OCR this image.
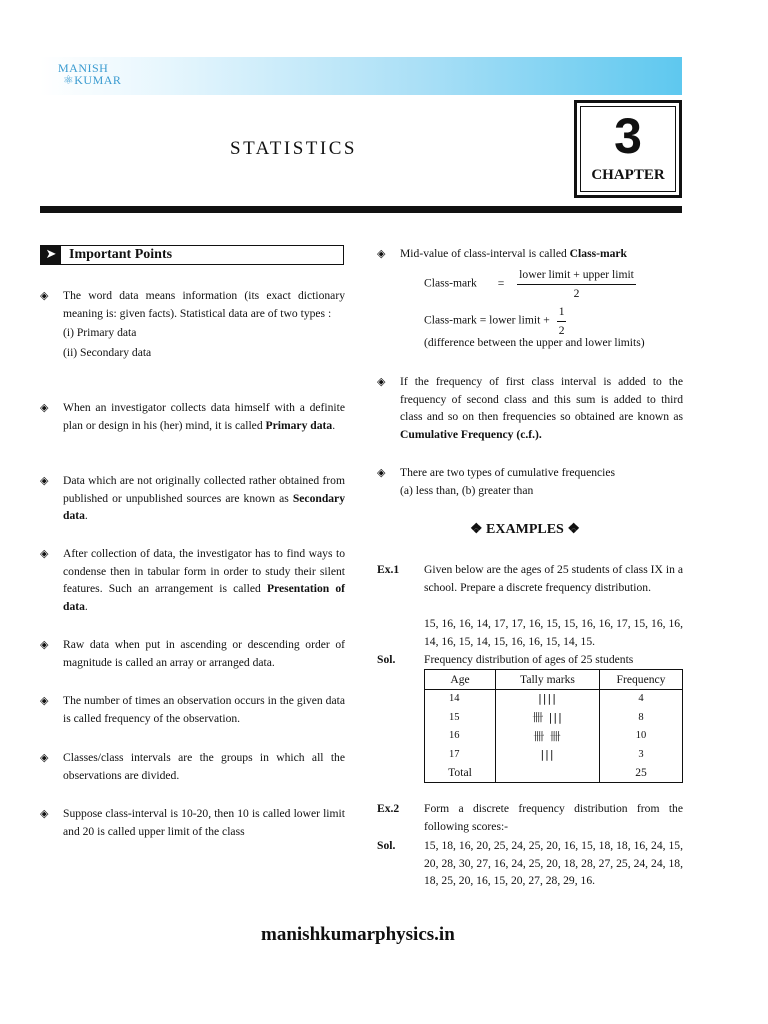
MANISH
⚛KUMAR
STATISTICS	3
CHAPTER
➤ Important Points
◈ The word data means information (its exact dictionary meaning is: given facts). Statistical data are of two types :
(i) Primary data
(ii) Secondary data
◈ When an investigator collects data himself with a definite plan or design in his (her) mind, it is called Primary data.
◈ Data which are not originally collected rather obtained from published or unpublished sources are known as Secondary data.
◈ After collection of data, the investigator has to find ways to condense then in tabular form in order to study their silent features. Such an arrangement is called Presentation of data.
◈ Raw data when put in ascending or descending order of magnitude is called an array or arranged data.
◈ The number of times an observation occurs in the given data is called frequency of the observation.
◈ Classes/class intervals are the groups in which all the observations are divided.
◈ Suppose class-interval is 10-20, then 10 is called lower limit and 20 is called upper limit of the class
◈ Mid-value of class-interval is called Class-mark
Class-mark =
lower limit + upper limit
2
Class-mark = lower limit + $\frac{1}{2}$
(difference between the upper and lower limits)
◈ If the frequency of first class interval is added to the frequency of second class and this sum is added to third class and so on then frequencies so obtained are known as Cumulative Frequency (c.f.).
◈ There are two types of cumulative frequencies
(a) less than, (b) greater than
❖ EXAMPLES ❖
Ex.1 Given below are the ages of 25 students of class IX in a school. Prepare a discrete frequency distribution.
15, 16, 16, 14, 17, 17, 16, 15, 15, 16, 16, 17, 15, 16, 16, 14, 16, 15, 14, 15, 16, 16, 15, 14, 15.
Sol. Frequency distribution of ages of 25 students
Age	Tally marks	Frequency
14	||||	4
15	卌 |||	8
16	卌 卌	10
17	|||	3
Total		25
Ex.2 Form a discrete frequency distribution from the following scores:-
Sol. 15, 18, 16, 20, 25, 24, 25, 20, 16, 15, 18, 18, 16, 24, 15, 20, 28, 30, 27, 16, 24, 25, 20, 18, 28, 27, 25, 24, 24, 18, 18, 25, 20, 16, 15, 20, 27, 28, 29, 16.
manishkumarphysics.in
